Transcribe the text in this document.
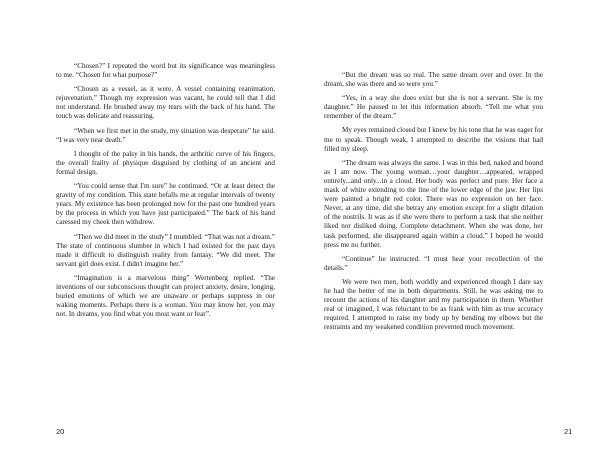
“Chosen?” I repeated the word but its significance was meaningless to me. “Chosen for what purpose?”

“Chosen as a vessel, as it were. A vessel containing reanimation, rejuvenation.” Though my expression was vacant, he could tell that I did not understand. He brushed away my tears with the back of his hand. The touch was delicate and reassuring.

“When we first met in the study, my situation was desperate” he said. “I was very near death.”

I thought of the palsy in his hands, the arthritic curve of his fingers, the overall frailty of physique disguised by clothing of an ancient and formal design.

“You could sense that I'm sure” he continued. “Or at least detect the gravity of my condition. This state befalls me at regular intervals of twenty years. My existence has been prolonged now for the past one hundred years by the process in which you have just participated.” The back of his hand caressed my cheek then withdrew.

“Then we did meet in the study” I mumbled. “That was not a dream.” The state of continuous slumber in which I had existed for the past days made it difficult to distinguish reality from fantasy. “We did meet. The servant girl does exist. I didn't imagine her.”

“Imagination is a marvelous thing” Wertenberg replied. “The inventions of our subconscious thought can project anxiety, desire, longing, buried emotions of which we are unaware or perhaps suppress in our waking moments. Perhaps there is a woman. You may know her, you may not. In dreams, you find what you most want or fear”.

20

“But the dream was so real. The same dream over and over. In the dream, she was there and so were you.”

“Yes, in a way she does exist but she is not a servant. She is my daughter.” He paused to let this information absorb. “Tell me what you remember of the dream.”

My eyes remained closed but I knew by his tone that he was eager for me to speak. Though weak, I attempted to describe the visions that had filled my sleep.

“The dream was always the same. I was in this bed, naked and bound as I am now. The young woman…your daughter…appeared, wrapped entirely...and only...in a cloud. Her body was perfect and pure. Her face a mask of white extending to the line of the lower edge of the jaw. Her lips were painted a bright red color. There was no expression on her face. Never, at any time, did she betray any emotion except for a slight dilation of the nostrils. It was as if she were there to perform a task that she neither liked nor disliked doing. Complete detachment. When she was done, her task performed, she disappeared again within a cloud.” I hoped he would press me no further.

“Continue” he instructed. “I must hear your recollection of the details.”

We were two men, both worldly and experienced though I dare say he had the better of me in both departments. Still, he was asking me to recount the actions of his daughter and my participation in them. Whether real or imagined, I was reluctant to be as frank with him as true accuracy required. I attempted to raise my body up by bending my elbows but the restraints and my weakened condition prevented much movement.

21
